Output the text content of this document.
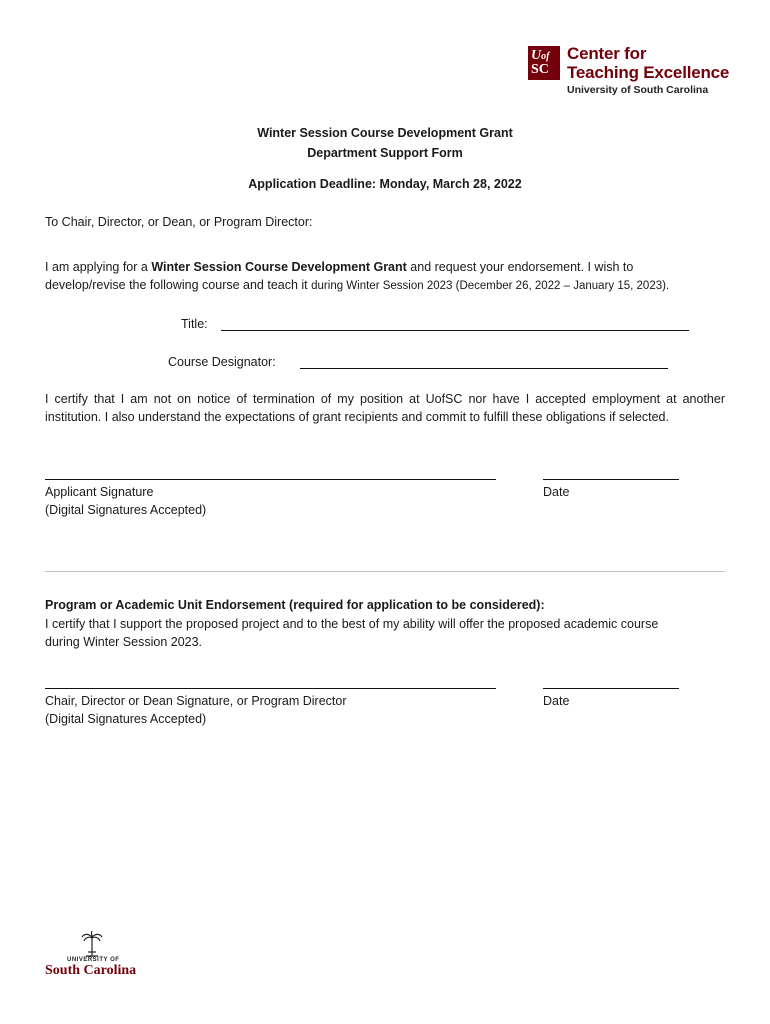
Uof
SC
Center for
Teaching Excellence
University of South Carolina
Winter Session Course Development Grant
Department Support Form
Application Deadline: Monday, March 28, 2022
To Chair, Director, or Dean, or Program Director:
I am applying for a Winter Session Course Development Grant and request your endorsement. I wish to develop/revise the following course and teach it during Winter Session 2023 (December 26, 2022 – January 15, 2023).
Title:
Course Designator:
I certify that I am not on notice of termination of my position at UofSC nor have I accepted employment at another institution. I also understand the expectations of grant recipients and commit to fulfill these obligations if selected.
Applicant Signature
(Digital Signatures Accepted)
Date
Program or Academic Unit Endorsement (required for application to be considered):
I certify that I support the proposed project and to the best of my ability will offer the proposed academic course during Winter Session 2023.
Chair, Director or Dean Signature, or Program Director
(Digital Signatures Accepted)
Date
UNIVERSITY OF
South Carolina
